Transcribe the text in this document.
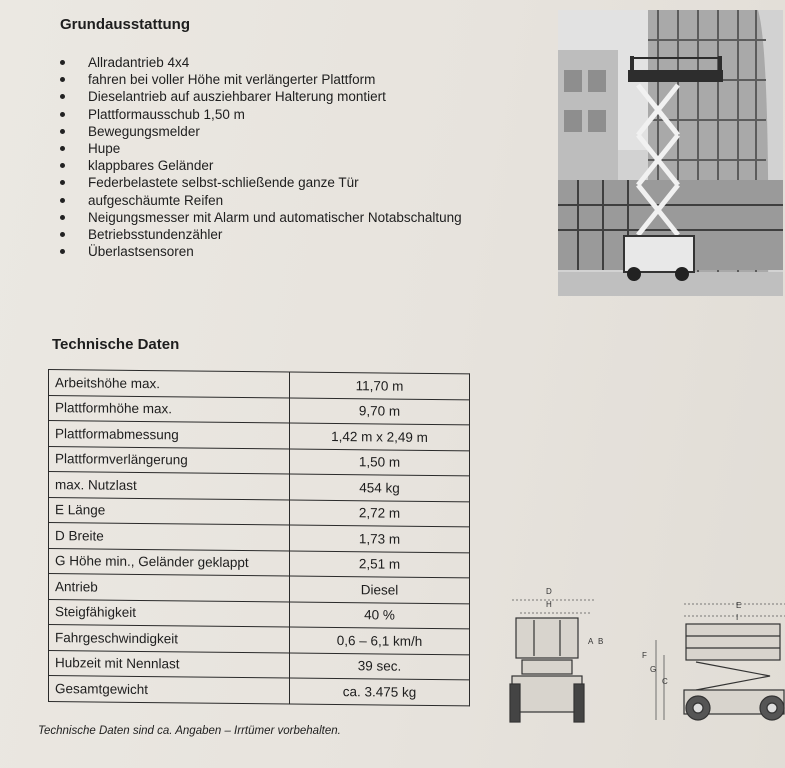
Grundausstattung
Allradantrieb 4x4
fahren bei voller Höhe mit verlängerter Plattform
Dieselantrieb auf ausziehbarer Halterung montiert
Plattformausschub 1,50 m
Bewegungsmelder
Hupe
klappbares Geländer
Federbelastete selbst-schließende ganze Tür
aufgeschäumte Reifen
Neigungsmesser mit Alarm und automatischer Notabschaltung
Betriebsstundenzähler
Überlastsensoren
Technische Daten
Arbeitshöhe max.	11,70 m
Plattformhöhe max.	9,70 m
Plattformabmessung	1,42 m x 2,49 m
Plattformverlängerung	1,50 m
max. Nutzlast	454 kg
E Länge	2,72 m
D Breite	1,73 m
G Höhe min., Geländer geklappt	2,51 m
Antrieb	Diesel
Steigfähigkeit	40 %
Fahrgeschwindigkeit	0,6 – 6,1 km/h
Hubzeit mit Nennlast	39 sec.
Gesamtgewicht	ca. 3.475 kg
Technische Daten sind ca. Angaben – Irrtümer vorbehalten.
D
H
A B
E
I
F
G
C
